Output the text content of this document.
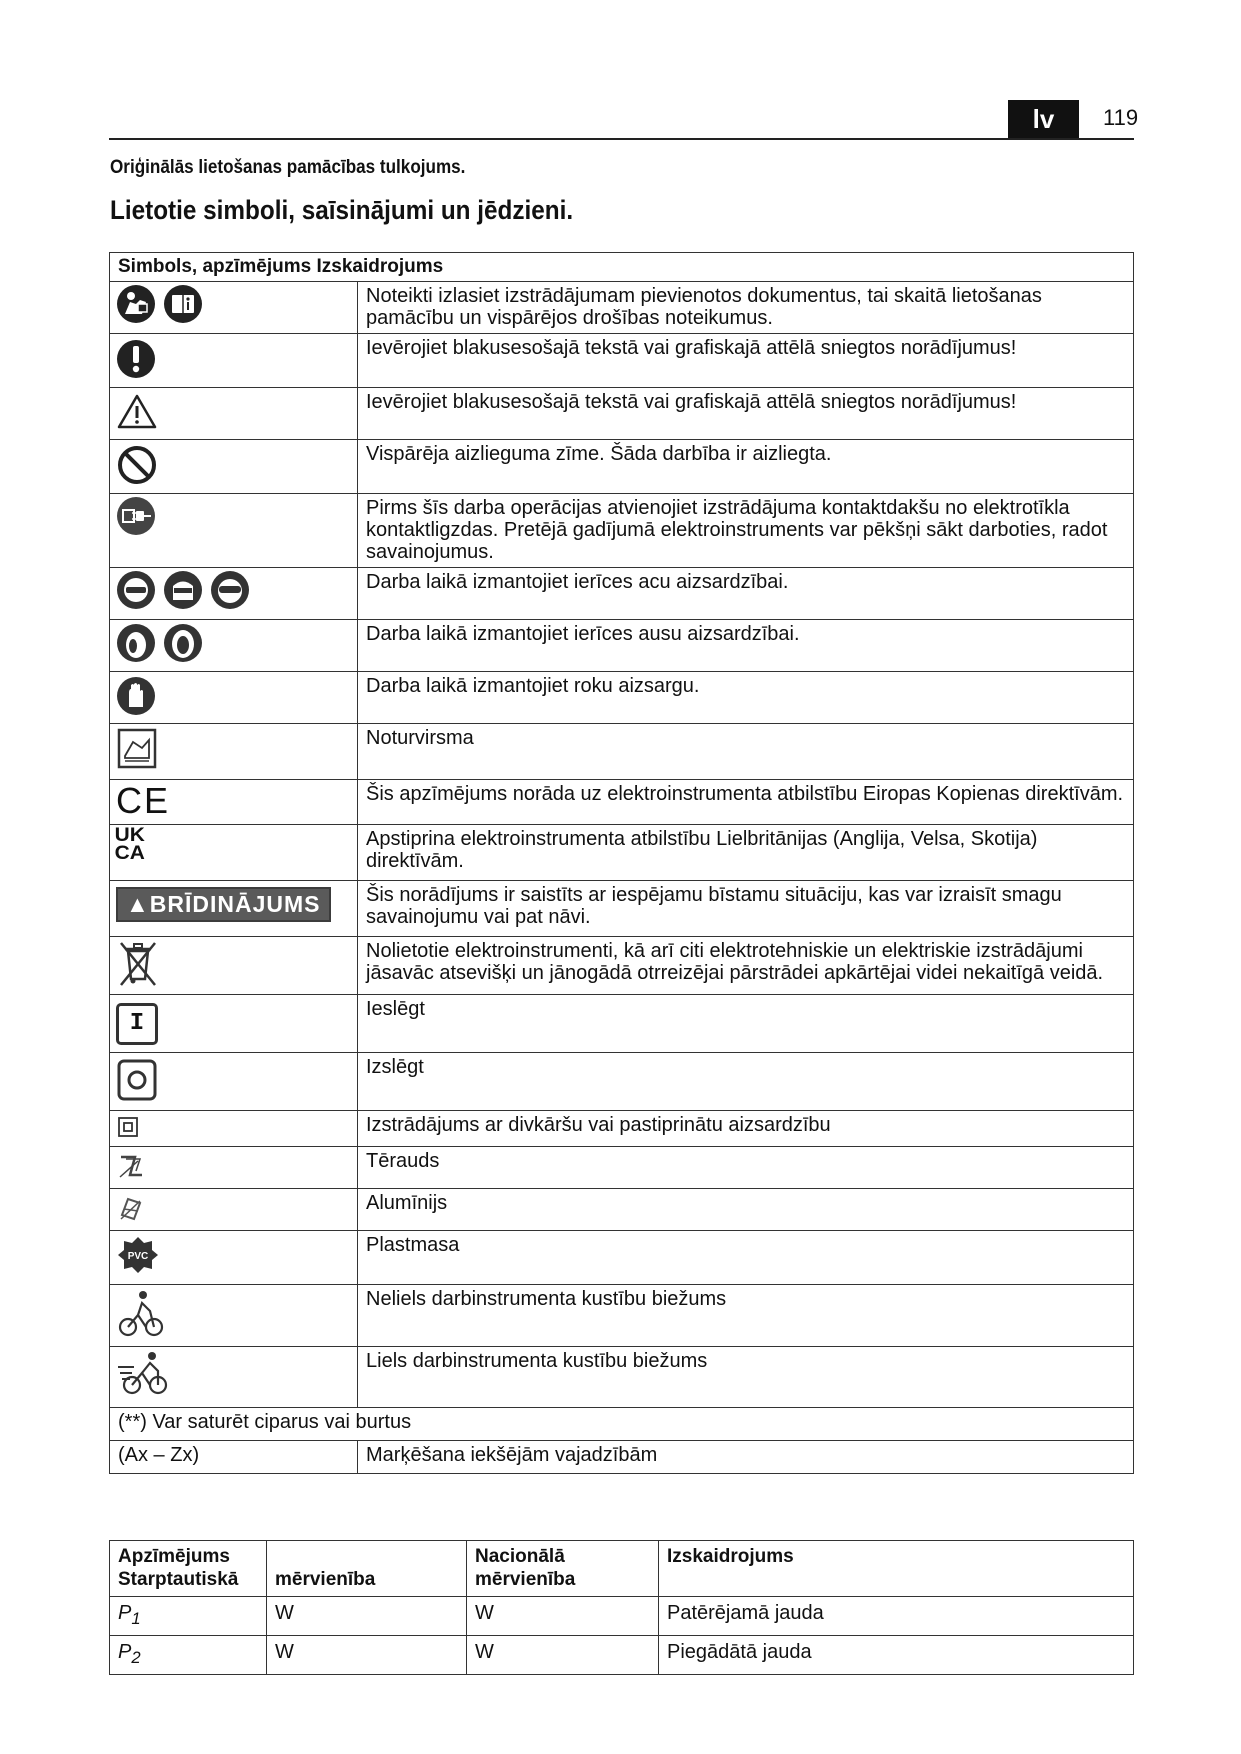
lv	119
Oriģinālās lietošanas pamācības tulkojums.
Lietotie simboli, saīsinājumi un jēdzieni.
Simbols, apzīmējums Izskaidrojums	

	Noteikti izlasiet izstrādājumam pievienotos dokumentus, tai skaitā lietošanas pamācību un vispārējos drošības noteikumus.
	Ievērojiet blakusesošajā tekstā vai grafiskajā attēlā sniegtos norādījumus!
	Ievērojiet blakusesošajā tekstā vai grafiskajā attēlā sniegtos norādījumus!
	Vispārēja aizlieguma zīme. Šāda darbība ir aizliegta.
	Pirms šīs darba operācijas atvienojiet izstrādājuma kontaktdakšu no elektrotīkla kontaktligzdas. Pretējā gadījumā elektroinstruments var pēkšņi sākt darboties, radot savainojumus.

	Darba laikā izmantojiet ierīces acu aizsardzībai.

	Darba laikā izmantojiet ierīces ausu aizsardzībai.
	Darba laikā izmantojiet roku aizsargu.
	Noturvirsma
CE	Šis apzīmējums norāda uz elektroinstrumenta atbilstību Eiropas Kopienas direktīvām.
UK
CA	Apstiprina elektroinstrumenta atbilstību Lielbritānijas (Anglija, Velsa, Skotija) direktīvām.
▲BRĪDINĀJUMS	Šis norādījums ir saistīts ar iespējamu bīstamu situāciju, kas var izraisīt smagu savainojumu vai pat nāvi.
	Nolietotie elektroinstrumenti, kā arī citi elektrotehniskie un elektriskie izstrādājumi jāsavāc atsevišķi un jānogādā otrreizējai pārstrādei apkārtējai videi nekaitīgā veidā.
I	Ieslēgt
	Izslēgt
	Izstrādājums ar divkāršu vai pastiprinātu aizsardzību
	Tērauds
	Alumīnijs

PVC	Plastmasa
	Neliels darbinstrumenta kustību biežums
	Liels darbinstrumenta kustību biežums
(**) Var saturēt ciparus vai burtus	
(Ax – Zx)	Marķēšana iekšējām vajadzībām
Apzīmējums Starptautiskā	mērvienība	Nacionālā mērvienība	Izskaidrojums
$P_1$	W	W	Patērējamā jauda
$P_2$	W	W	Piegādātā jauda
